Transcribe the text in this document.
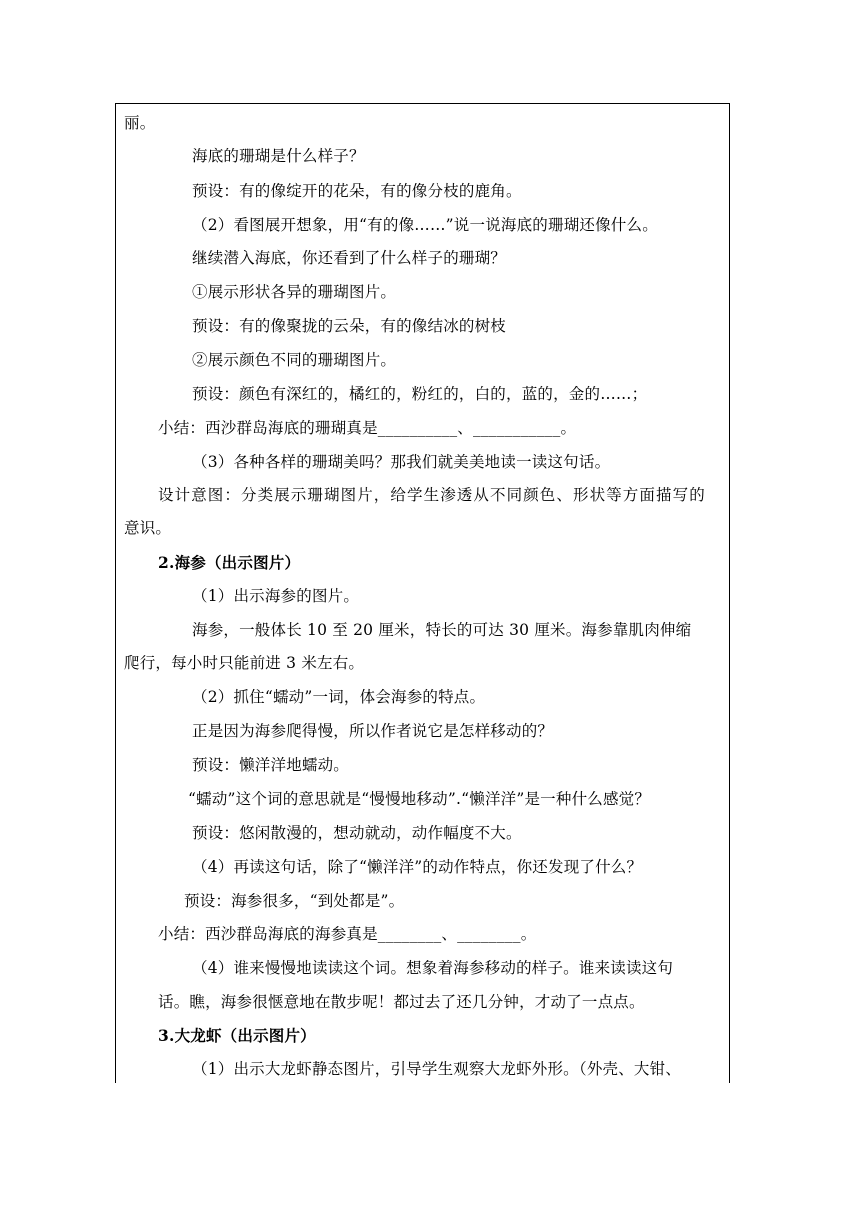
丽。
海底的珊瑚是什么样子？
预设：有的像绽开的花朵，有的像分枝的鹿角。
（2）看图展开想象，用“有的像……”说一说海底的珊瑚还像什么。
继续潜入海底，你还看到了什么样子的珊瑚？
①展示形状各异的珊瑚图片。
预设：有的像聚拢的云朵，有的像结冰的树枝
②展示颜色不同的珊瑚图片。
预设：颜色有深红的，橘红的，粉红的，白的，蓝的，金的……；
小结：西沙群岛海底的珊瑚真是__________、___________。
（3）各种各样的珊瑚美吗？那我们就美美地读一读这句话。
设计意图：分类展示珊瑚图片，给学生渗透从不同颜色、形状等方面描写的
意识。
2.海参（出示图片）
（1）出示海参的图片。
海参，一般体长 10 至 20 厘米，特长的可达 30 厘米。海参靠肌肉伸缩
爬行，每小时只能前进 3 米左右。
（2）抓住“蠕动”一词，体会海参的特点。
正是因为海参爬得慢，所以作者说它是怎样移动的？
预设：懒洋洋地蠕动。
“蠕动”这个词的意思就是“慢慢地移动”.“懒洋洋”是一种什么感觉？
预设：悠闲散漫的，想动就动，动作幅度不大。
（4）再读这句话，除了“懒洋洋”的动作特点，你还发现了什么？
预设：海参很多，“到处都是”。
小结：西沙群岛海底的海参真是________、________。
（4）谁来慢慢地读读这个词。想象着海参移动的样子。谁来读读这句
话。瞧，海参很惬意地在散步呢！都过去了还几分钟，才动了一点点。
3.大龙虾（出示图片）
（1）出示大龙虾静态图片，引导学生观察大龙虾外形。（外壳、大钳、
